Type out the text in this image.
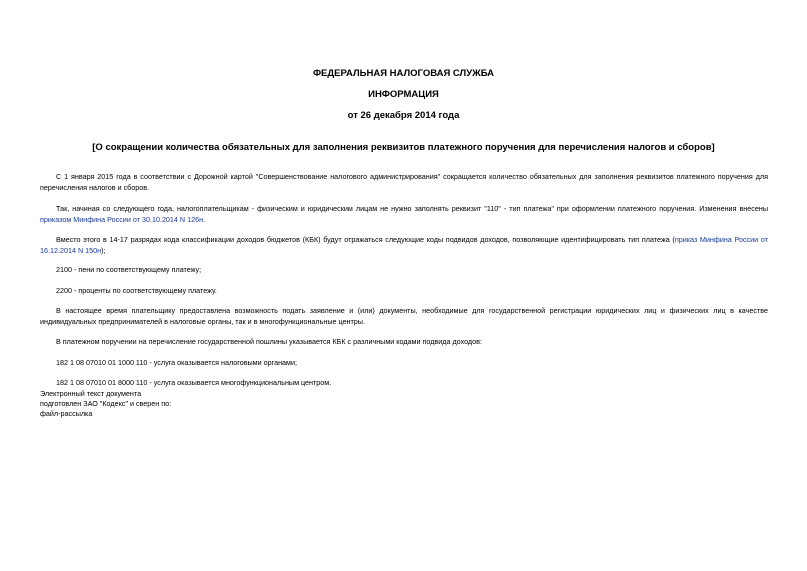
ФЕДЕРАЛЬНАЯ НАЛОГОВАЯ СЛУЖБА
ИНФОРМАЦИЯ
от 26 декабря 2014 года
[О сокращении количества обязательных для заполнения реквизитов платежного поручения для перечисления налогов и сборов]
С 1 января 2015 года в соответствии с Дорожной картой "Совершенствование налогового администрирования" сокращается количество обязательных для заполнения реквизитов платежного поручения для перечисления налогов и сборов.
Так, начиная со следующего года, налогоплательщикам - физическим и юридическим лицам не нужно заполнять реквизит "110" - тип платежа" при оформлении платежного поручения. Изменения внесены приказом Минфина России от 30.10.2014 N 126н.
Вместо этого в 14-17 разрядах кода классификации доходов бюджетов (КБК) будут отражаться следующие коды подвидов доходов, позволяющие идентифицировать тип платежа (приказ Минфина России от 16.12.2014 N 150н);
2100 - пени по соответствующему платежу;
2200 - проценты по соответствующему платежу.
В настоящее время плательщику предоставлена возможность подать заявление и (или) документы, необходимые для государственной регистрации юридических лиц и физических лиц в качестве индивидуальных предпринимателей в налоговые органы, так и в многофункциональные центры.
В платежном поручении на перечисление государственной пошлины указывается КБК с различными кодами подвида доходов:
182 1 08 07010 01 1000 110 - услуга оказывается налоговыми органами;
182 1 08 07010 01 8000 110 - услуга оказывается многофункциональным центром.
Электронный текст документа
подготовлен ЗАО "Кодекс" и сверен по:
файл-рассылка
